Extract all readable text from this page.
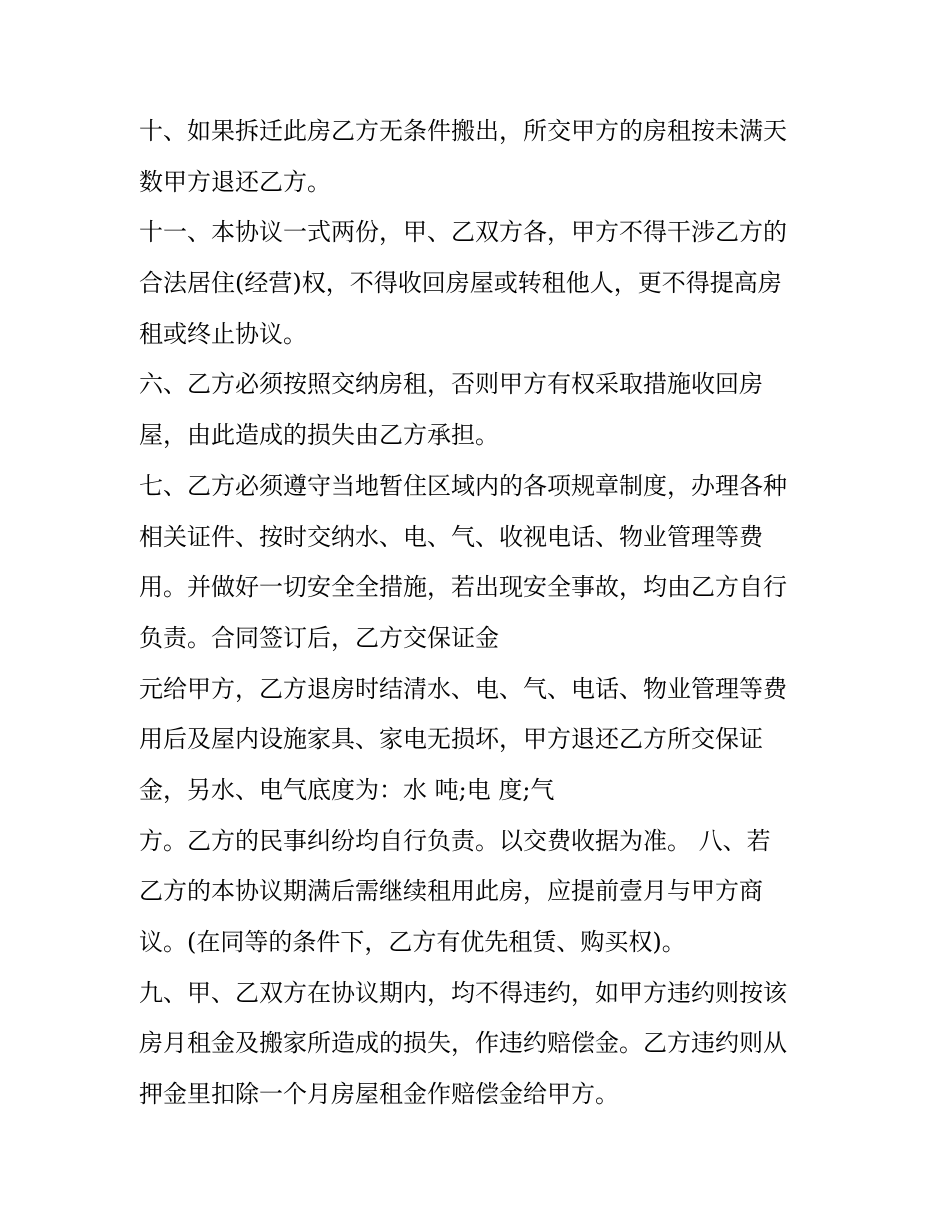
十、如果拆迁此房乙方无条件搬出，所交甲方的房租按未满天
数甲方退还乙方。
十一、本协议一式两份，甲、乙双方各，甲方不得干涉乙方的
合法居住(经营)权，不得收回房屋或转租他人，更不得提高房
租或终止协议。
六、乙方必须按照交纳房租，否则甲方有权采取措施收回房
屋，由此造成的损失由乙方承担。
七、乙方必须遵守当地暂住区域内的各项规章制度，办理各种
相关证件、按时交纳水、电、气、收视电话、物业管理等费
用。并做好一切安全全措施，若出现安全事故，均由乙方自行
负责。合同签订后，乙方交保证金
元给甲方，乙方退房时结清水、电、气、电话、物业管理等费
用后及屋内设施家具、家电无损坏，甲方退还乙方所交保证
金，另水、电气底度为：水 吨;电 度;气
方。乙方的民事纠纷均自行负责。以交费收据为准。 八、若
乙方的本协议期满后需继续租用此房，应提前壹月与甲方商
议。(在同等的条件下，乙方有优先租赁、购买权)。
九、甲、乙双方在协议期内，均不得违约，如甲方违约则按该
房月租金及搬家所造成的损失，作违约赔偿金。乙方违约则从
押金里扣除一个月房屋租金作赔偿金给甲方。
